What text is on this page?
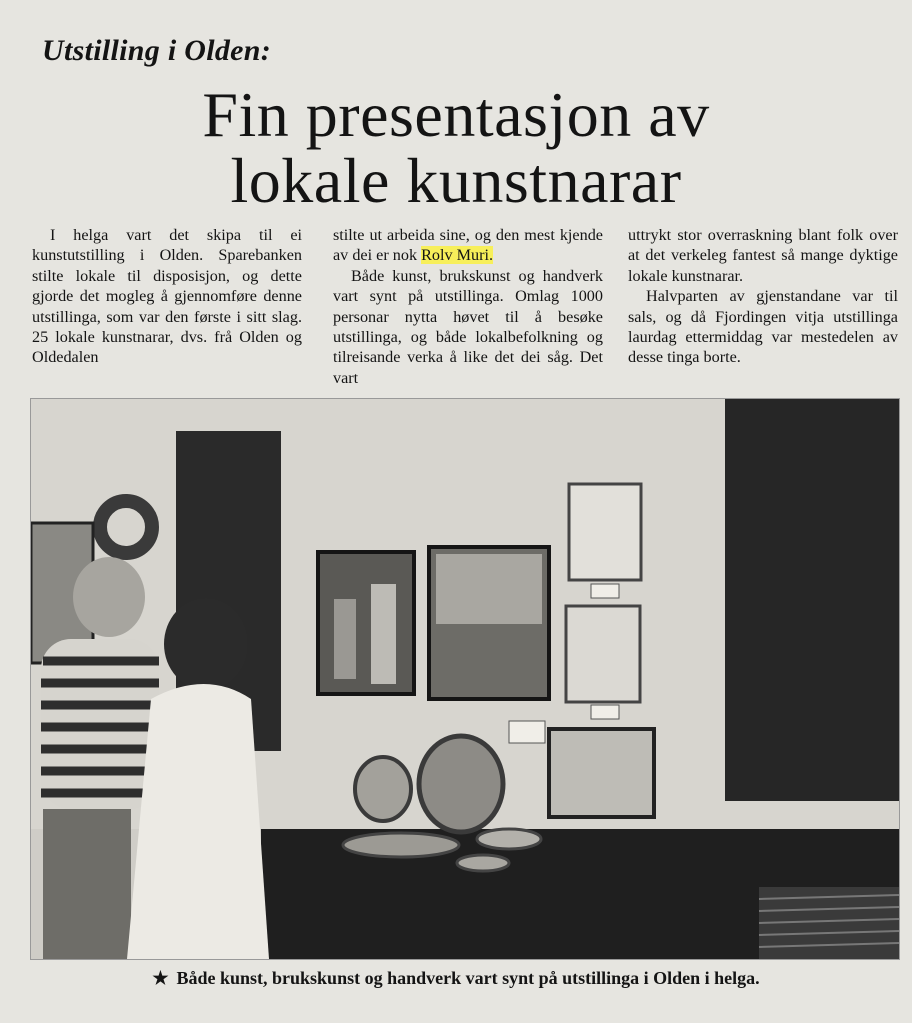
Utstilling i Olden:
Fin presentasjon av
lokale kunstnarar

I helga vart det skipa til ei kunstutstilling i Olden. Sparebanken stilte lokale til disposisjon, og dette gjorde det mogleg å gjennomføre denne utstillinga, som var den første i sitt slag. 25 lokale kunstnarar, dvs. frå Olden og Oldedalen

stilte ut arbeida sine, og den mest kjende av dei er nok Rolv Muri.

Både kunst, brukskunst og handverk vart synt på utstillinga. Omlag 1000 personar nytta høvet til å besøke utstillinga, og både lokalbefolkning og tilreisande verka å like det dei såg. Det vart

uttrykt stor overraskning blant folk over at det verkeleg fantest så mange dyktige lokale kunstnarar.

Halvparten av gjenstandane var til sals, og då Fjordingen vitja utstillinga laurdag ettermiddag var mestedelen av desse tinga borte.

★ Både kunst, brukskunst og handverk vart synt på utstillinga i Olden i helga.
